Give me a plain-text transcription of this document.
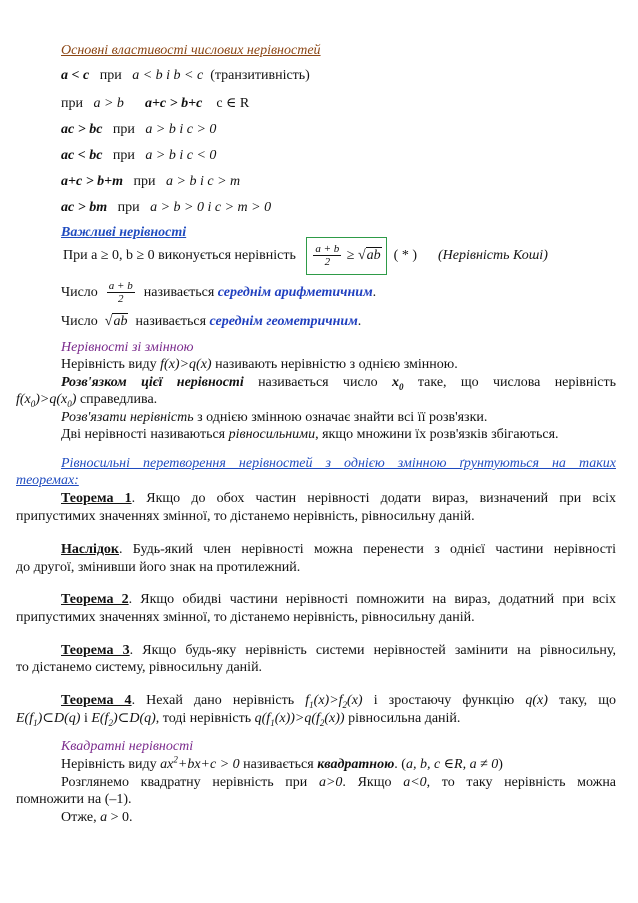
Основні властивості числових нерівностей
a < c при a < b і b < c (транзитивність)
при a > b a+c > b+c c ∈ R
ac > bc при a > b і c > 0
ac < bc при a > b і c < 0
a+c > b+m при a > b і c > m
ac > bm при a > b > 0 і c > m > 0
Важливі нерівності
При a ≥ 0, b ≥ 0 виконується нерівність $\frac{a + b}{2} \ge √ab$ ( * ) (Нерівність Коші)
Число $\frac{a + b}{2}$ називається середнім арифметичним.
Число √ab називається середнім геометричним.
Нерівності зі змінною
Нерівність виду f(x)>q(x) називають нерівністю з однією змінною.
Розв'язком цієї нерівності називається число $x_0$ таке, що числова нерівність
$f(x_0)>q(x_0)$ справедлива.
Розв'язати нерівність з однією змінною означає знайти всі її розв'язки.
Дві нерівності називаються рівносильними, якщо множини їх розв'язків збігаються.
Рівносильні перетворення нерівностей з однією змінною ґрунтуються на таких
теоремах:
Теорема 1. Якщо до обох частин нерівності додати вираз, визначений при всіх
припустимих значеннях змінної, то дістанемо нерівність, рівносильну даній.
Наслідок. Будь-який член нерівності можна перенести з однієї частини нерівності
до другої, змінивши його знак на протилежний.
Теорема 2. Якщо обидві частини нерівності помножити на вираз, додатний при всіх
припустимих значеннях змінної, то дістанемо нерівність, рівносильну даній.
Теорема 3. Якщо будь-яку нерівність системи нерівностей замінити на рівносильну,
то дістанемо систему, рівносильну даній.
Теорема 4. Нехай дано нерівність $f_1(x)>f_2(x)$ і зростаючу функцію q(x) таку, що
$E(f_1)\subset D(q)$ і $E(f_2)\subset D(q)$, тоді нерівність $q(f_1(x))>q(f_2(x))$ рівносильна даній.
Квадратні нерівності
Нерівність виду $ax^2+bx+c > 0$ називається квадратною. (a, b, c ∈R, a ≠ 0)
Розглянемо квадратну нерівність при a>0. Якщо a<0, то таку нерівність можна
помножити на (–1).
Отже, a > 0.
